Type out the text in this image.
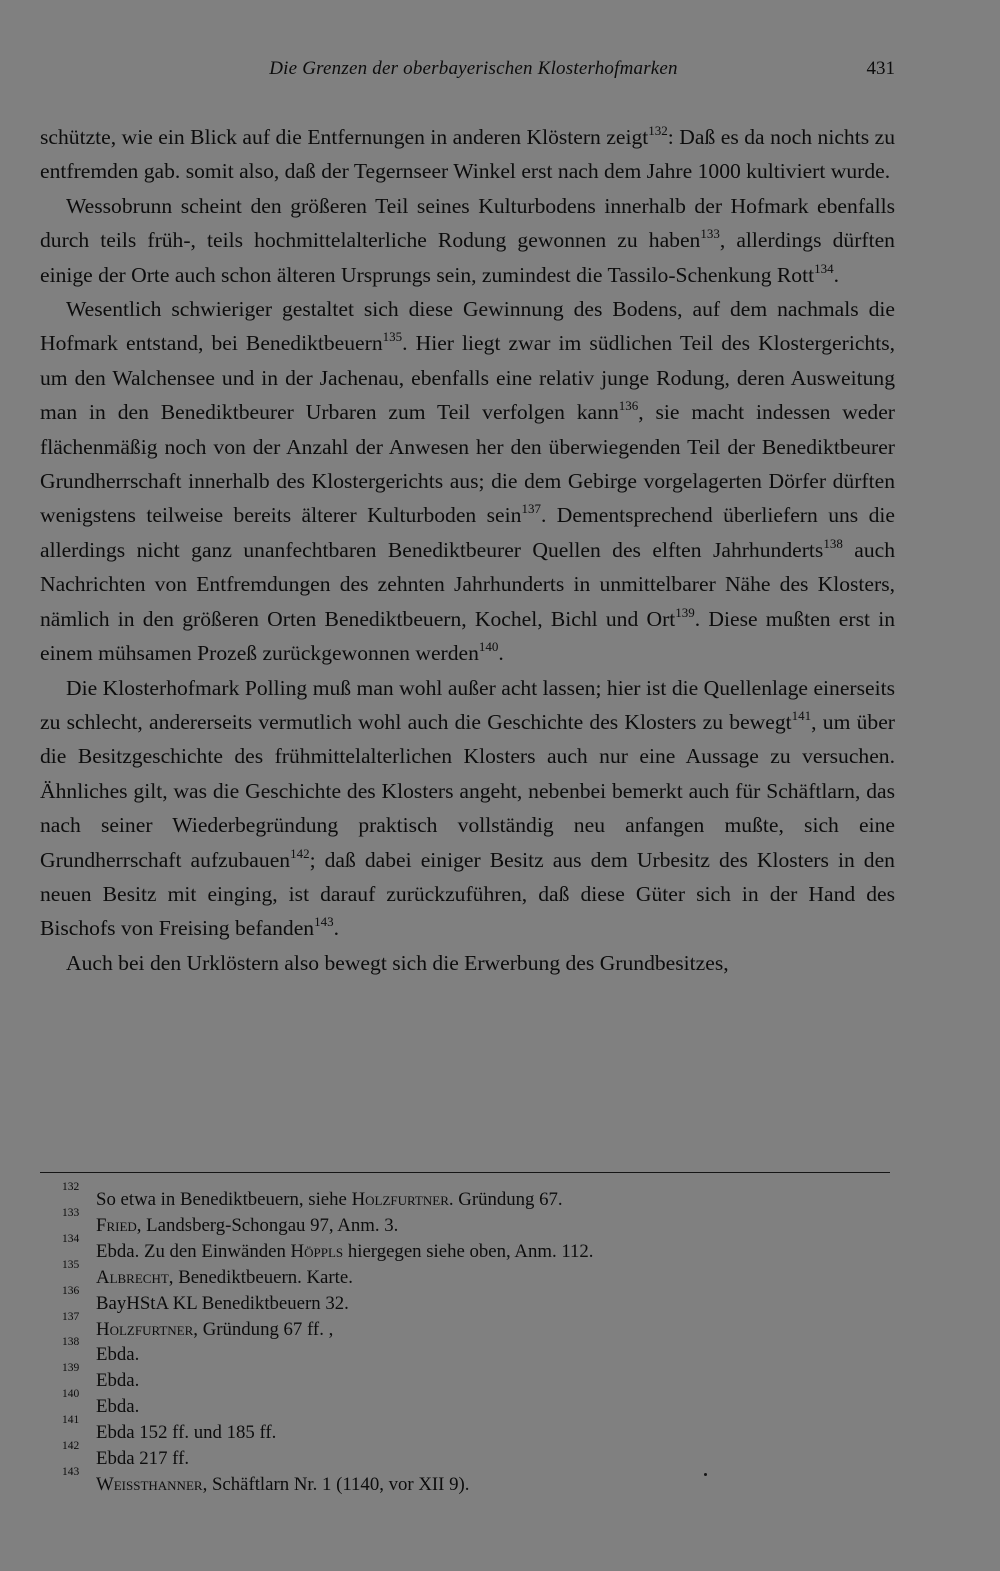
Die Grenzen der oberbayerischen Klosterhofmarken	431

schützte, wie ein Blick auf die Entfernungen in anderen Klöstern zeigt$^{132}$: Daß es da noch nichts zu entfremden gab. somit also, daß der Tegernseer Winkel erst nach dem Jahre 1000 kultiviert wurde.

Wessobrunn scheint den größeren Teil seines Kulturbodens innerhalb der Hofmark ebenfalls durch teils früh-, teils hochmittelalterliche Rodung gewonnen zu haben$^{133}$, allerdings dürften einige der Orte auch schon älteren Ursprungs sein, zumindest die Tassilo-Schenkung Rott$^{134}$.

Wesentlich schwieriger gestaltet sich diese Gewinnung des Bodens, auf dem nachmals die Hofmark entstand, bei Benediktbeuern$^{135}$. Hier liegt zwar im südlichen Teil des Klostergerichts, um den Walchensee und in der Jachenau, ebenfalls eine relativ junge Rodung, deren Ausweitung man in den Benediktbeurer Urbaren zum Teil verfolgen kann$^{136}$, sie macht indessen weder flächenmäßig noch von der Anzahl der Anwesen her den überwiegenden Teil der Benediktbeurer Grundherrschaft innerhalb des Klostergerichts aus; die dem Gebirge vorgelagerten Dörfer dürften wenigstens teilweise bereits älterer Kulturboden sein$^{137}$. Dementsprechend überliefern uns die allerdings nicht ganz unanfechtbaren Benediktbeurer Quellen des elften Jahrhunderts$^{138}$ auch Nachrichten von Entfremdungen des zehnten Jahrhunderts in unmittelbarer Nähe des Klosters, nämlich in den größeren Orten Benediktbeuern, Kochel, Bichl und Ort$^{139}$. Diese mußten erst in einem mühsamen Prozeß zurückgewonnen werden$^{140}$.

Die Klosterhofmark Polling muß man wohl außer acht lassen; hier ist die Quellenlage einerseits zu schlecht, andererseits vermutlich wohl auch die Geschichte des Klosters zu bewegt$^{141}$, um über die Besitzgeschichte des frühmittelalterlichen Klosters auch nur eine Aussage zu versuchen. Ähnliches gilt, was die Geschichte des Klosters angeht, nebenbei bemerkt auch für Schäftlarn, das nach seiner Wiederbegründung praktisch vollständig neu anfangen mußte, sich eine Grundherrschaft aufzubauen$^{142}$; daß dabei einiger Besitz aus dem Urbesitz des Klosters in den neuen Besitz mit einging, ist darauf zurückzuführen, daß diese Güter sich in der Hand des Bischofs von Freising befanden$^{143}$.

Auch bei den Urklöstern also bewegt sich die Erwerbung des Grundbesitzes,

132
So etwa in Benediktbeuern, siehe Holzfurtner. Gründung 67.
133
Fried, Landsberg-Schongau 97, Anm. 3.
134
Ebda. Zu den Einwänden Höppls hiergegen siehe oben, Anm. 112.
135
Albrecht, Benediktbeuern. Karte.
136
BayHStA KL Benediktbeuern 32.
137
Holzfurtner, Gründung 67 ff. ,
138
Ebda.
139
Ebda.
140
Ebda.
141
Ebda 152 ff. und 185 ff.
142
Ebda 217 ff.
143
Weissthanner, Schäftlarn Nr. 1 (1140, vor XII 9).
